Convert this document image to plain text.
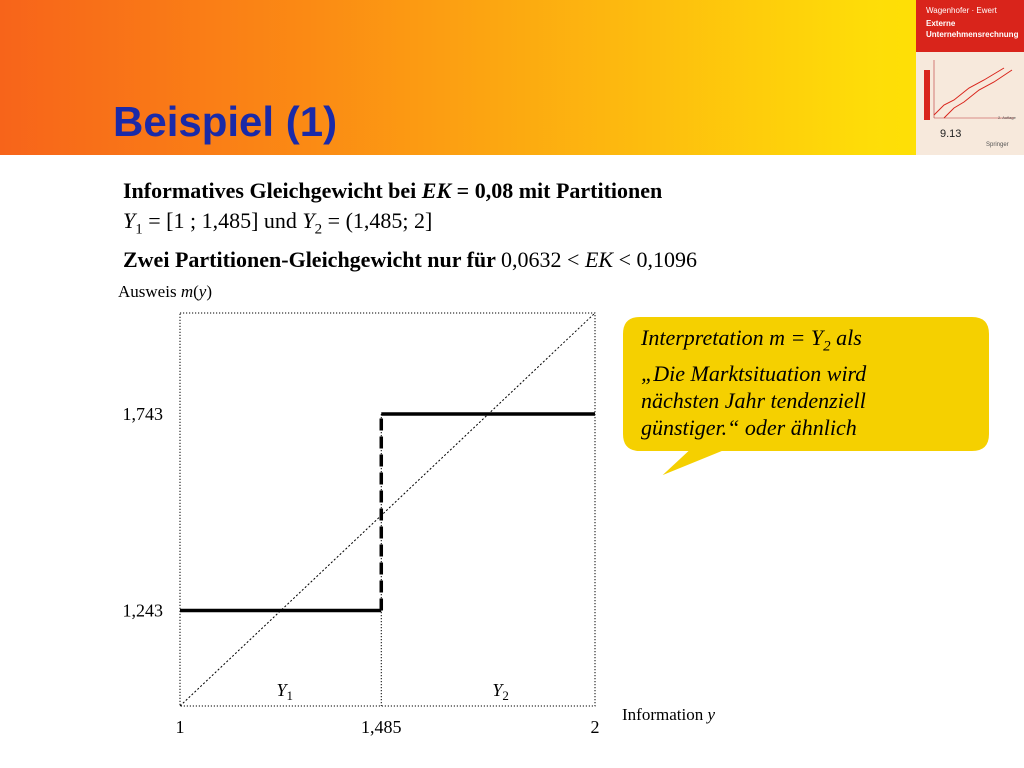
Beispiel (1)
Wagenhofer · Ewert
Externe
Unternehmensrechnung
2. Auflage
Springer
9.13
Informatives Gleichgewicht bei EK = 0,08 mit Partitionen
$Y_1 = [1$ ; 1,485] und $Y_2 = (1,485$; 2]
Zwei Partitionen-Gleichgewicht nur für 0,0632 < EK < 0,1096
Ausweis m(y)
Information y
1	1,485	2
1,743
1,243
$Y_1$	$Y_2$
Interpretation $m = Y_2$ als
„Die Marktsituation wird
nächsten Jahr tendenziell
günstiger.“ oder ähnlich
